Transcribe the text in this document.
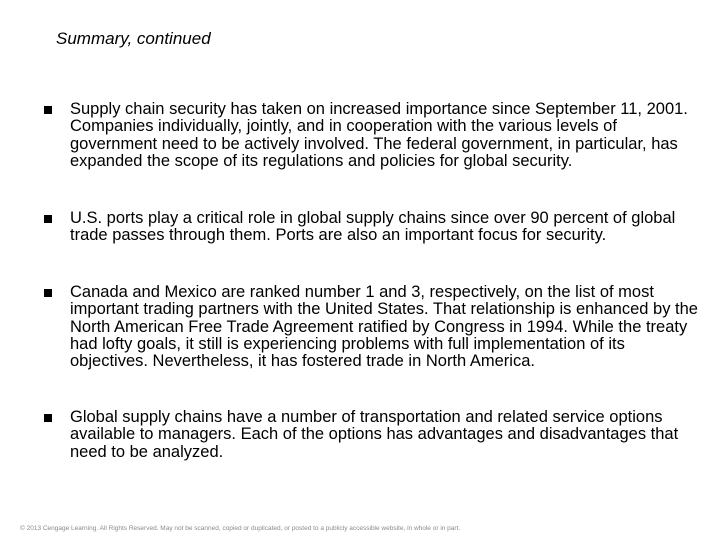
Summary, continued
Supply chain security has taken on increased importance since September 11, 2001. Companies individually, jointly, and in cooperation with the various levels of government need to be actively involved. The federal government, in particular, has expanded the scope of its regulations and policies for global security.
U.S. ports play a critical role in global supply chains since over 90 percent of global trade passes through them. Ports are also an important focus for security.
Canada and Mexico are ranked number 1 and 3, respectively, on the list of most important trading partners with the United States. That relationship is enhanced by the North American Free Trade Agreement ratified by Congress in 1994. While the treaty had lofty goals, it still is experiencing problems with full implementation of its objectives. Nevertheless, it has fostered trade in North America.
Global supply chains have a number of transportation and related service options available to managers. Each of the options has advantages and disadvantages that need to be analyzed.
© 2013 Cengage Learning. All Rights Reserved. May not be scanned, copied or duplicated, or posted to a publicly accessible website, in whole or in part.
